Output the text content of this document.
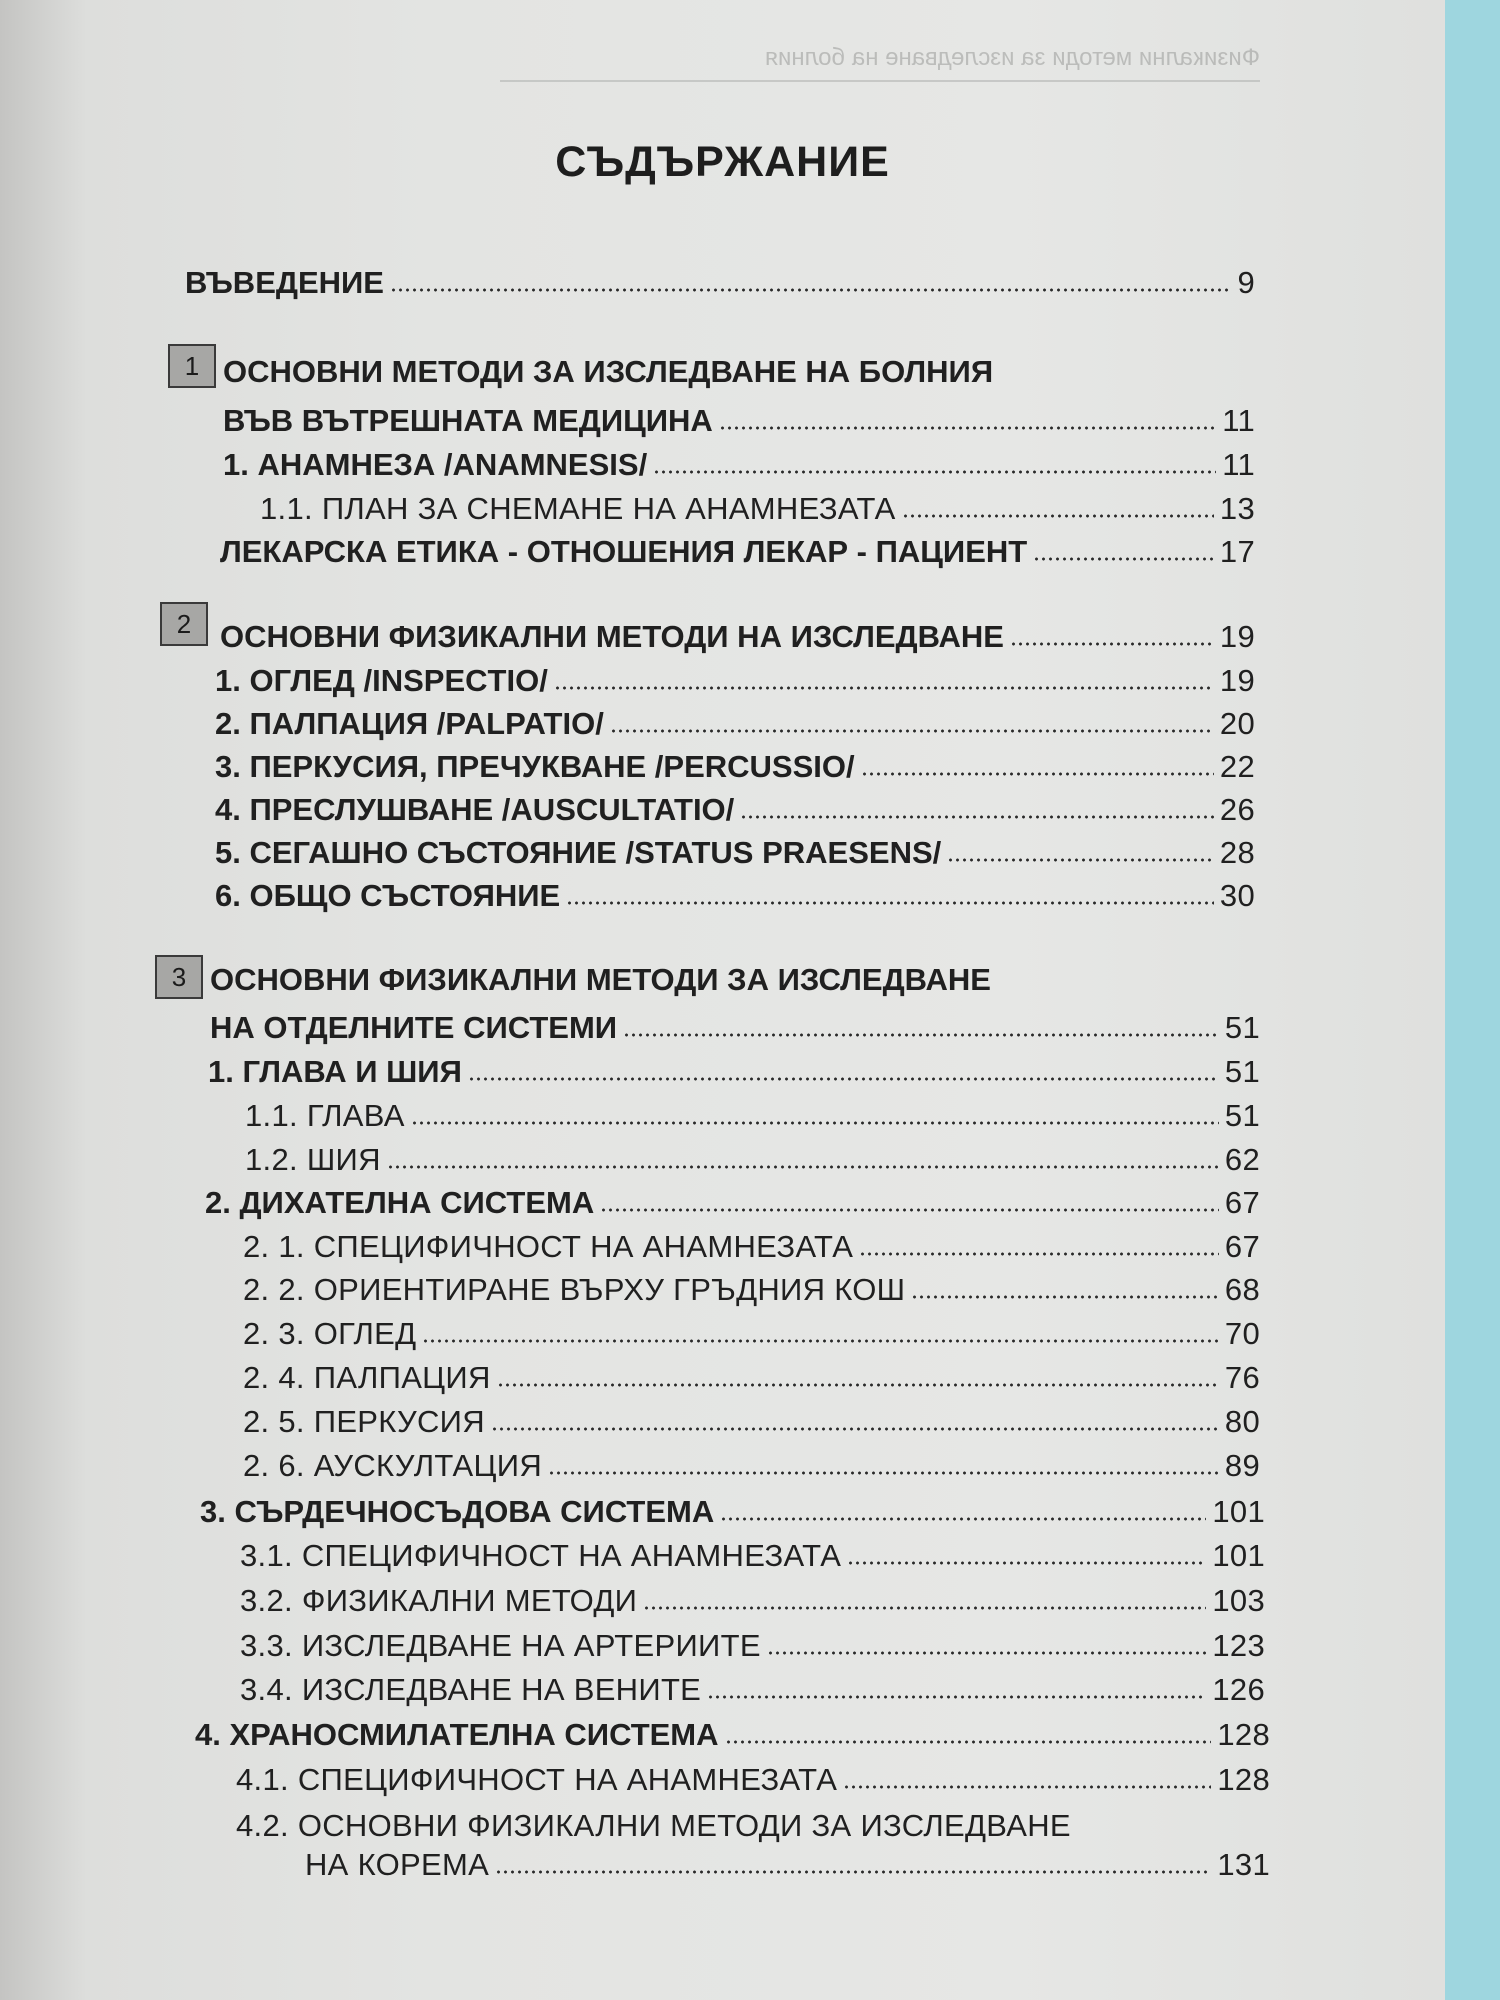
Физикални методи за изследване на болния
СЪДЪРЖАНИЕ
ВЪВЕДЕНИЕ	9
1 ОСНОВНИ МЕТОДИ ЗА ИЗСЛЕДВАНЕ НА БОЛНИЯ
ВЪВ ВЪТРЕШНАТА МЕДИЦИНА	11
1. АНАМНЕЗА /ANAMNESIS/	11
1.1. ПЛАН ЗА СНЕМАНЕ НА АНАМНЕЗАТА	13
ЛЕКАРСКА ЕТИКА - ОТНОШЕНИЯ ЛЕКАР - ПАЦИЕНТ	17
2 ОСНОВНИ ФИЗИКАЛНИ МЕТОДИ НА ИЗСЛЕДВАНЕ	19
1. ОГЛЕД /INSPECTIO/	19
2. ПАЛПАЦИЯ /PALPATIO/	20
3. ПЕРКУСИЯ, ПРЕЧУКВАНЕ /PERCUSSIO/	22
4. ПРЕСЛУШВАНЕ /AUSCULTATIO/	26
5. СЕГАШНО СЪСТОЯНИЕ /STATUS PRAESENS/	28
6. ОБЩО СЪСТОЯНИЕ	30
3 ОСНОВНИ ФИЗИКАЛНИ МЕТОДИ ЗА ИЗСЛЕДВАНЕ
НА ОТДЕЛНИТЕ СИСТЕМИ	51
1. ГЛАВА И ШИЯ	51
1.1. ГЛАВА	51
1.2. ШИЯ	62
2. ДИХАТЕЛНА СИСТЕМА	67
2. 1. СПЕЦИФИЧНОСТ НА АНАМНЕЗАТА	67
2. 2. ОРИЕНТИРАНЕ ВЪРХУ ГРЪДНИЯ КОШ	68
2. 3. ОГЛЕД	70
2. 4. ПАЛПАЦИЯ	76
2. 5. ПЕРКУСИЯ	80
2. 6. АУСКУЛТАЦИЯ	89
3. СЪРДЕЧНОСЪДОВА СИСТЕМА	101
3.1. СПЕЦИФИЧНОСТ НА АНАМНЕЗАТА	101
3.2. ФИЗИКАЛНИ МЕТОДИ	103
3.3. ИЗСЛЕДВАНЕ НА АРТЕРИИТЕ	123
3.4. ИЗСЛЕДВАНЕ НА ВЕНИТЕ	126
4. ХРАНОСМИЛАТЕЛНА СИСТЕМА	128
4.1. СПЕЦИФИЧНОСТ НА АНАМНЕЗАТА	128
4.2. ОСНОВНИ ФИЗИКАЛНИ МЕТОДИ ЗА ИЗСЛЕДВАНЕ
НА КОРЕМА	131
